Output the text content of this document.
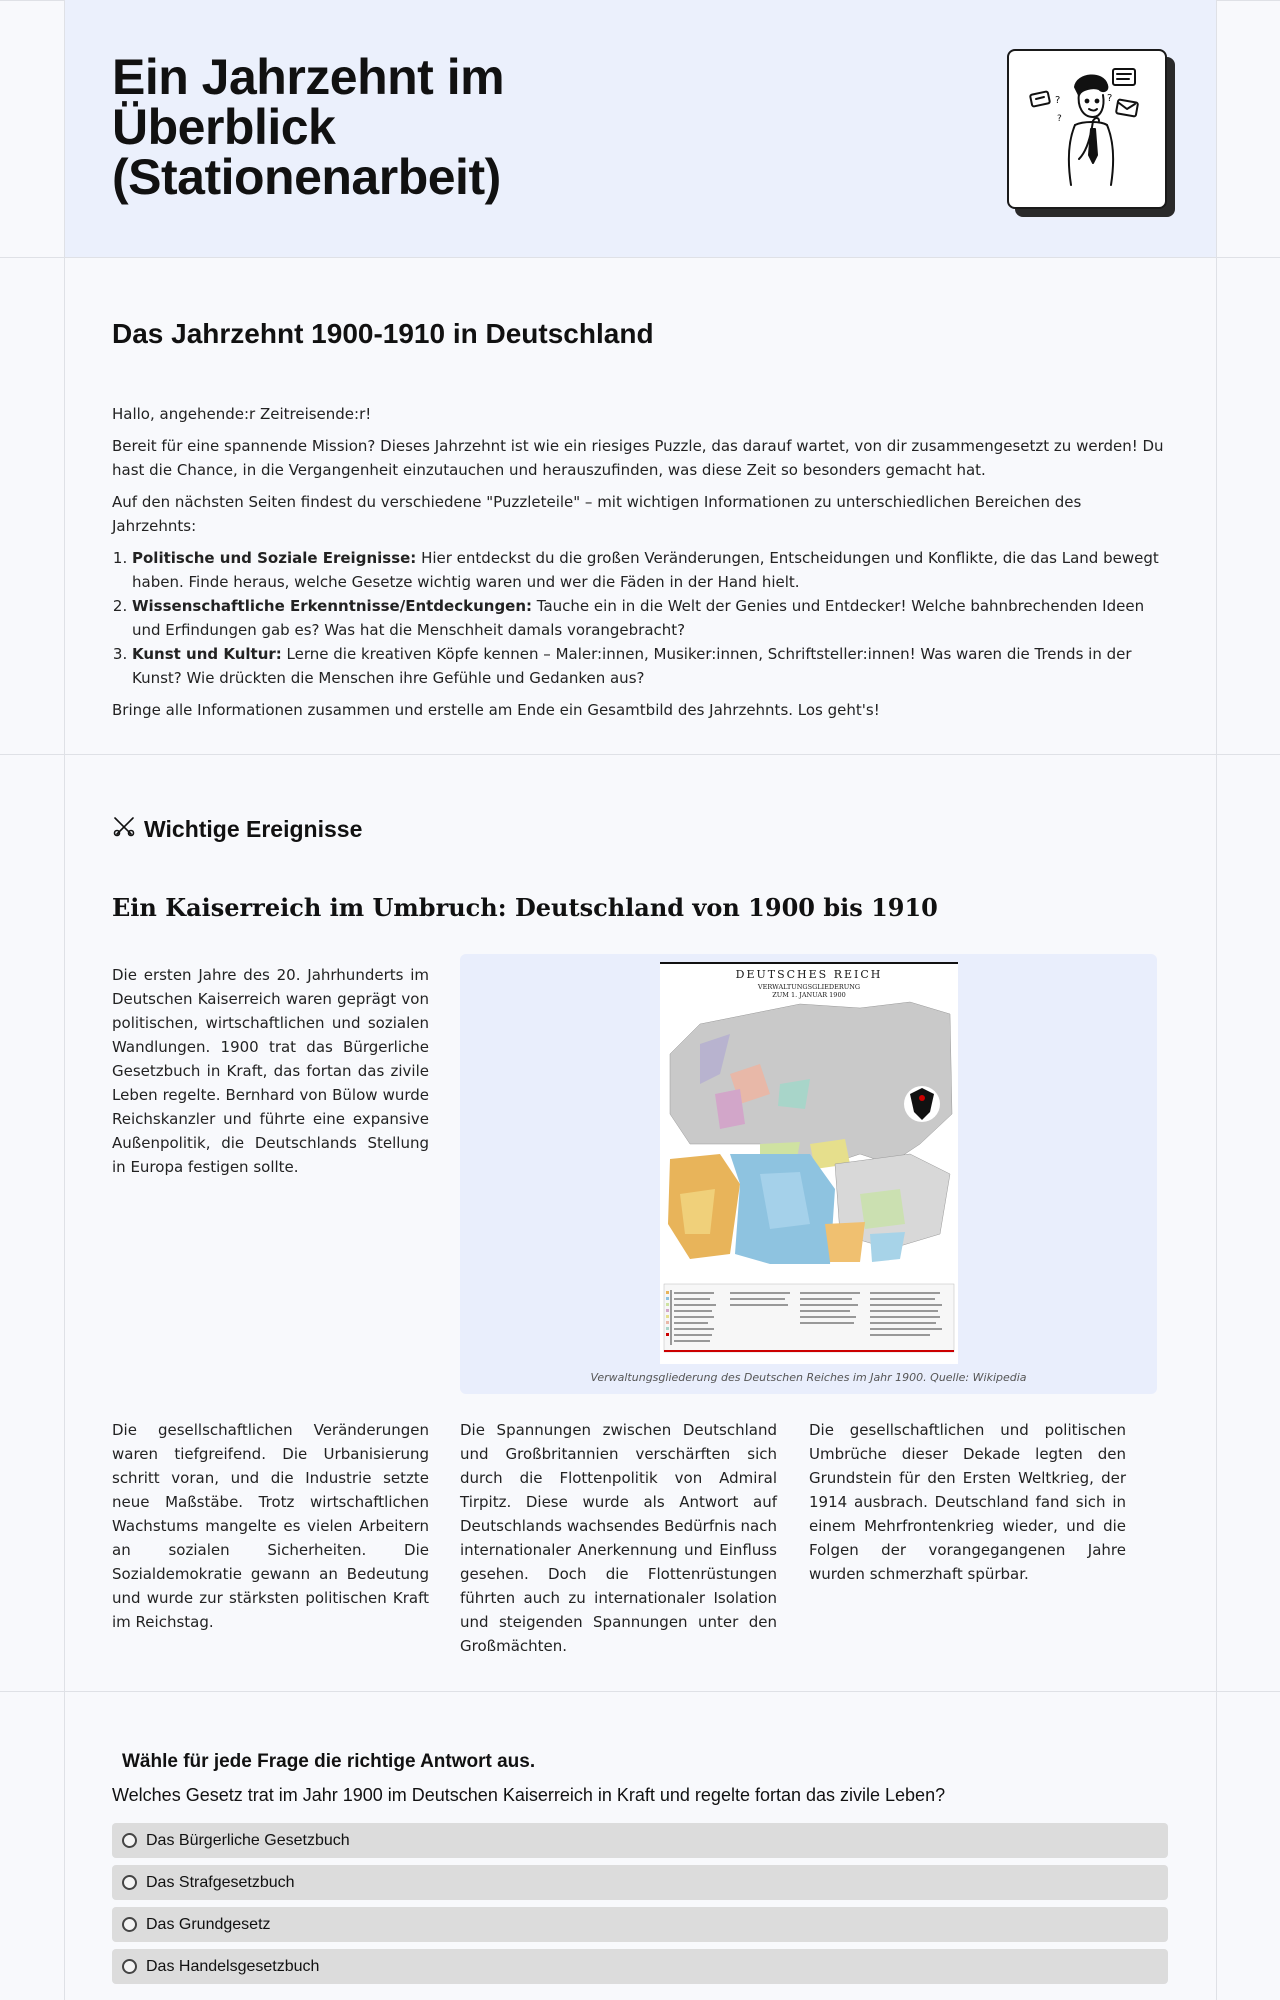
Ein Jahrzehnt im Überblick (Stationenarbeit)
?	?
?
Das Jahrzehnt 1900-1910 in Deutschland

Hallo, angehende:r Zeitreisende:r!

Bereit für eine spannende Mission? Dieses Jahrzehnt ist wie ein riesiges Puzzle, das darauf wartet, von dir zusammengesetzt zu werden! Du hast die Chance, in die Vergangenheit einzutauchen und herauszufinden, was diese Zeit so besonders gemacht hat.

Auf den nächsten Seiten findest du verschiedene "Puzzleteile" – mit wichtigen Informationen zu unterschiedlichen Bereichen des Jahrzehnts:

1. Politische und Soziale Ereignisse: Hier entdeckst du die großen Veränderungen, Entscheidungen und Konflikte, die das Land bewegt haben. Finde heraus, welche Gesetze wichtig waren und wer die Fäden in der Hand hielt.
2. Wissenschaftliche Erkenntnisse/Entdeckungen: Tauche ein in die Welt der Genies und Entdecker! Welche bahnbrechenden Ideen und Erfindungen gab es? Was hat die Menschheit damals vorangebracht?
3. Kunst und Kultur: Lerne die kreativen Köpfe kennen – Maler:innen, Musiker:innen, Schriftsteller:innen! Was waren die Trends in der Kunst? Wie drückten die Menschen ihre Gefühle und Gedanken aus?

Bringe alle Informationen zusammen und erstelle am Ende ein Gesamtbild des Jahrzehnts. Los geht's!

Wichtige Ereignisse
Ein Kaiserreich im Umbruch: Deutschland von 1900 bis 1910
Die ersten Jahre des 20. Jahrhunderts im Deutschen Kaiserreich waren geprägt von politischen, wirtschaftlichen und sozialen Wandlungen. 1900 trat das Bürgerliche Gesetzbuch in Kraft, das fortan das zivile Leben regelte. Bernhard von Bülow wurde Reichskanzler und führte eine expansive Außenpolitik, die Deutschlands Stellung in Europa festigen sollte.
DEUTSCHES REICH
VERWALTUNGSGLIEDERUNG ZUM 1. JANUAR 1900
Verwaltungsgliederung des Deutschen Reiches im Jahr 1900. Quelle: Wikipedia
Die gesellschaftlichen Veränderungen waren tiefgreifend. Die Urbanisierung schritt voran, und die Industrie setzte neue Maßstäbe. Trotz wirtschaftlichen Wachstums mangelte es vielen Arbeitern an sozialen Sicherheiten. Die Sozialdemokratie gewann an Bedeutung und wurde zur stärksten politischen Kraft im Reichstag.
Die Spannungen zwischen Deutschland und Großbritannien verschärften sich durch die Flottenpolitik von Admiral Tirpitz. Diese wurde als Antwort auf Deutschlands wachsendes Bedürfnis nach internationaler Anerkennung und Einfluss gesehen. Doch die Flottenrüstungen führten auch zu internationaler Isolation und steigenden Spannungen unter den Großmächten.
Die gesellschaftlichen und politischen Umbrüche dieser Dekade legten den Grundstein für den Ersten Weltkrieg, der 1914 ausbrach. Deutschland fand sich in einem Mehrfrontenkrieg wieder, und die Folgen der vorangegangenen Jahre wurden schmerzhaft spürbar.
Wähle für jede Frage die richtige Antwort aus.
Welches Gesetz trat im Jahr 1900 im Deutschen Kaiserreich in Kraft und regelte fortan das zivile Leben?
Das Bürgerliche Gesetzbuch
Das Strafgesetzbuch
Das Grundgesetz
Das Handelsgesetzbuch
